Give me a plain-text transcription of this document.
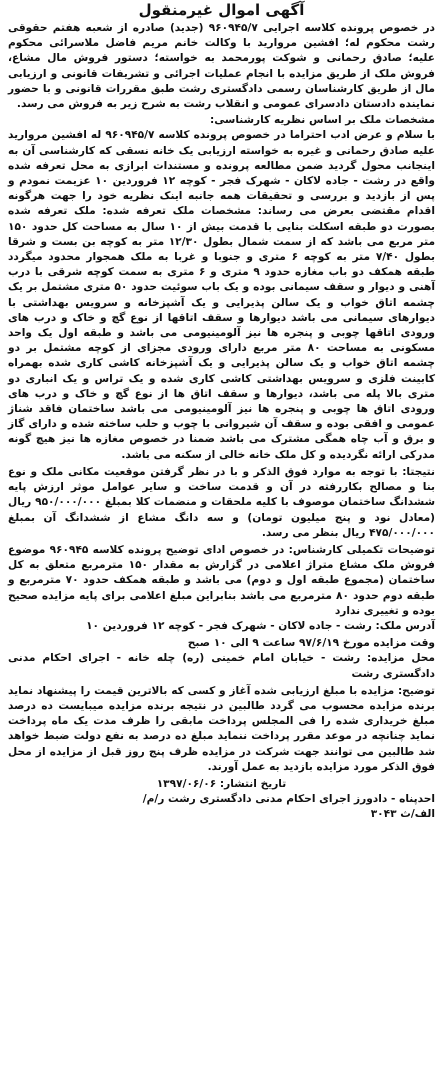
آگهی اموال غیرمنقول

در خصوص پرونده کلاسه اجرایی ۹۶۰۹۴۵/۷ (جدید) صادره از شعبه هفتم حقوقی رشت محکوم له؛ افشین مروارید با وکالت خانم مریم فاضل ملاسرائی محکوم علیه؛ صادق رحمانی و شوکت پورمحمد به خواسته؛ دستور فروش مال مشاع، فروش ملک از طریق مزایده با انجام عملیات اجرائی و تشریفات قانونی و ارزیابی مال از طریق کارشناسان رسمی دادگستری رشت طبق مقررات قانونی و با حضور نماینده دادستان دادسرای عمومی و انقلاب رشت به شرح زیر به فروش می رسد.

مشخصات ملک بر اساس نظریه کارشناسی:

با سلام و عرض ادب احتراما در خصوص پرونده کلاسه ۹۶۰۹۴۵/۷ له افشین مروارید علیه صادق رحمانی و غیره به خواسته ارزیابی یک خانه نسقی که کارشناسی آن به اینجانب محول گردید ضمن مطالعه پرونده و مستندات ابرازی به محل تعرفه شده واقع در رشت - جاده لاکان - شهرک فجر - کوچه ۱۲ فروردین ۱۰ عزیمت نمودم و پس از بازدید و بررسی و تحقیقات همه جانبه اینک نظریه خود را جهت هرگونه اقدام مقتضی بعرض می رساند: مشخصات ملک تعرفه شده: ملک تعرفه شده بصورت دو طبقه اسکلت بنایی با قدمت بیش از ۱۰ سال به مساحت کل حدود ۱۵۰ متر مربع می باشد که از سمت شمال بطول ۱۲/۳۰ متر به کوچه بن بست و شرقا بطول ۷/۴۰ متر به کوچه ۶ متری و جنوبا و غربا به ملک همجوار محدود میگردد طبقه همکف دو باب مغازه حدود ۹ متری و ۶ متری به سمت کوچه شرقی با درب آهنی و دیوار و سقف سیمانی بوده و یک باب سوئیت حدود ۵۰ متری مشتمل بر یک چشمه اتاق خواب و یک سالن پذیرایی و یک آشپزخانه و سرویس بهداشتی با دیوارهای سیمانی می باشد دیوارها و سقف اتاقها از نوع گچ و خاک و درب های ورودی اتاقها چوبی و پنجره ها نیز آلومینیومی می باشد و طبقه اول یک واحد مسکونی به مساحت ۸۰ متر مربع دارای ورودی مجزای از کوچه مشتمل بر دو چشمه اتاق خواب و یک سالن پذیرایی و یک آشپزخانه کاشی کاری شده بهمراه کابینت فلزی و سرویس بهداشتی کاشی کاری شده و یک تراس و یک انباری دو متری بالا پله می باشد، دیوارها و سقف اتاق ها از نوع گچ و خاک و درب های ورودی اتاق ها چوبی و پنجره ها نیز آلومینیومی می باشد ساختمان فاقد شناژ عمومی و افقی بوده و سقف آن شیروانی با چوب و حلب ساخته شده و دارای گاز و برق و آب چاه همگی مشترک می باشد ضمنا در خصوص مغازه ها نیز هیچ گونه مدرکی ارائه نگردیده و کل ملک خانه خالی از سکنه می باشد.

نتیجتا: با توجه به موارد فوق الذکر و با در نظر گرفتن موقعیت مکانی ملک و نوع بنا و مصالح بکاررفته در آن و قدمت ساخت و سایر عوامل موثر ارزش پایه ششدانگ ساختمان موصوف با کلیه ملحقات و منضمات کلا بمبلغ ۹۵۰/۰۰۰/۰۰۰ ریال (معادل نود و پنج میلیون تومان) و سه دانگ مشاع از ششدانگ آن بمبلغ ۴۷۵/۰۰۰/۰۰۰ ریال بنظر می رسد.

توضیحات تکمیلی کارشناس: در خصوص ادای توضیح پرونده کلاسه ۹۶۰۹۴۵ موضوع فروش ملک مشاع متراژ اعلامی در گزارش به مقدار ۱۵۰ مترمربع متعلق به کل ساختمان (مجموع طبقه اول و دوم) می باشد و طبقه همکف حدود ۷۰ مترمربع و طبقه دوم حدود ۸۰ مترمربع می باشد بنابراین مبلغ اعلامی برای پایه مزایده صحیح بوده و تغییری ندارد

آدرس ملک: رشت - جاده لاکان - شهرک فجر - کوچه ۱۲ فروردین ۱۰

وقت مزایده مورخ ۹۷/۶/۱۹ ساعت ۹ الی ۱۰ صبح

محل مزایده: رشت - خیابان امام خمینی (ره) چله خانه - اجرای احکام مدنی دادگستری رشت

توضیح: مزایده با مبلغ ارزیابی شده آغاز و کسی که بالاترین قیمت را پیشنهاد نماید برنده مزایده محسوب می گردد طالبین در نتیجه برنده مزایده میبایست ده درصد مبلغ خریداری شده را فی المجلس پرداخت مابقی را ظرف مدت یک ماه پرداخت نماید چنانچه در موعد مقرر پرداخت ننماید مبلغ ده درصد به نفع دولت ضبط خواهد شد طالبین می توانند جهت شرکت در مزایده ظرف پنج روز قبل از مزایده از محل فوق الذکر مورد مزایده بازدید به عمل آورند.

تاریخ انتشار: ۱۳۹۷/۰۶/۰۶

احدپناه - دادورز اجرای احکام مدنی دادگستری رشت ر/م/

الف/ث ۳۰۴۳
